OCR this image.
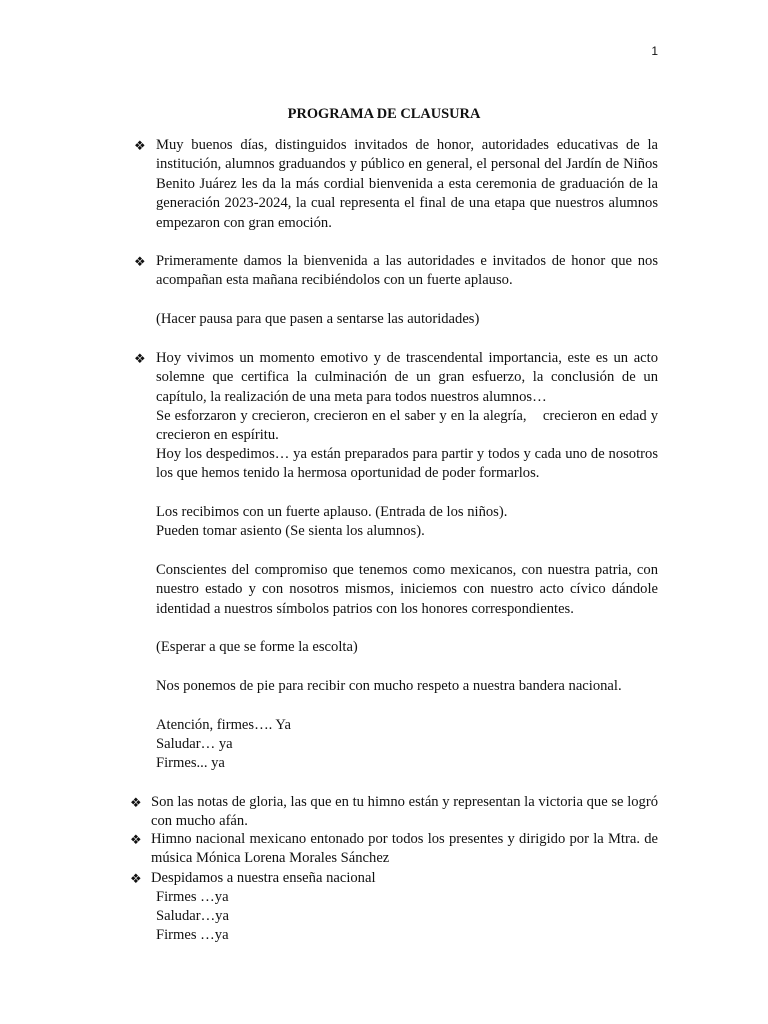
1
PROGRAMA DE CLAUSURA
❖ Muy buenos días, distinguidos invitados de honor, autoridades educativas de la institución, alumnos graduandos y público en general, el personal del Jardín de Niños Benito Juárez les da la más cordial bienvenida a esta ceremonia de graduación de la generación 2023-2024, la cual representa el final de una etapa que nuestros alumnos empezaron con gran emoción.
❖ Primeramente damos la bienvenida a las autoridades e invitados de honor que nos acompañan esta mañana recibiéndolos con un fuerte aplauso.
(Hacer pausa para que pasen a sentarse las autoridades)
❖ Hoy vivimos un momento emotivo y de trascendental importancia, este es un acto solemne que certifica la culminación de un gran esfuerzo, la conclusión de un capítulo, la realización de una meta para todos nuestros alumnos…
Se esforzaron y crecieron, crecieron en el saber y en la alegría,    crecieron en edad y crecieron en espíritu.
Hoy los despedimos… ya están preparados para partir y todos y cada uno de nosotros los que hemos tenido la hermosa oportunidad de poder formarlos.
Los recibimos con un fuerte aplauso. (Entrada de los niños).
Pueden tomar asiento (Se sienta los alumnos).
Conscientes del compromiso que tenemos como mexicanos, con nuestra patria, con nuestro estado y con nosotros mismos, iniciemos con nuestro acto cívico dándole identidad a nuestros símbolos patrios con los honores correspondientes.
(Esperar a que se forme la escolta)
Nos ponemos de pie para recibir con mucho respeto a nuestra bandera nacional.
Atención, firmes…. Ya
Saludar… ya
Firmes... ya
❖ Son las notas de gloria, las que en tu himno están y representan la victoria que se logró con mucho afán.
❖ Himno nacional mexicano entonado por todos los presentes y dirigido por la Mtra. de música Mónica Lorena Morales Sánchez
❖ Despidamos a nuestra enseña nacional
Firmes …ya
Saludar…ya
Firmes …ya
